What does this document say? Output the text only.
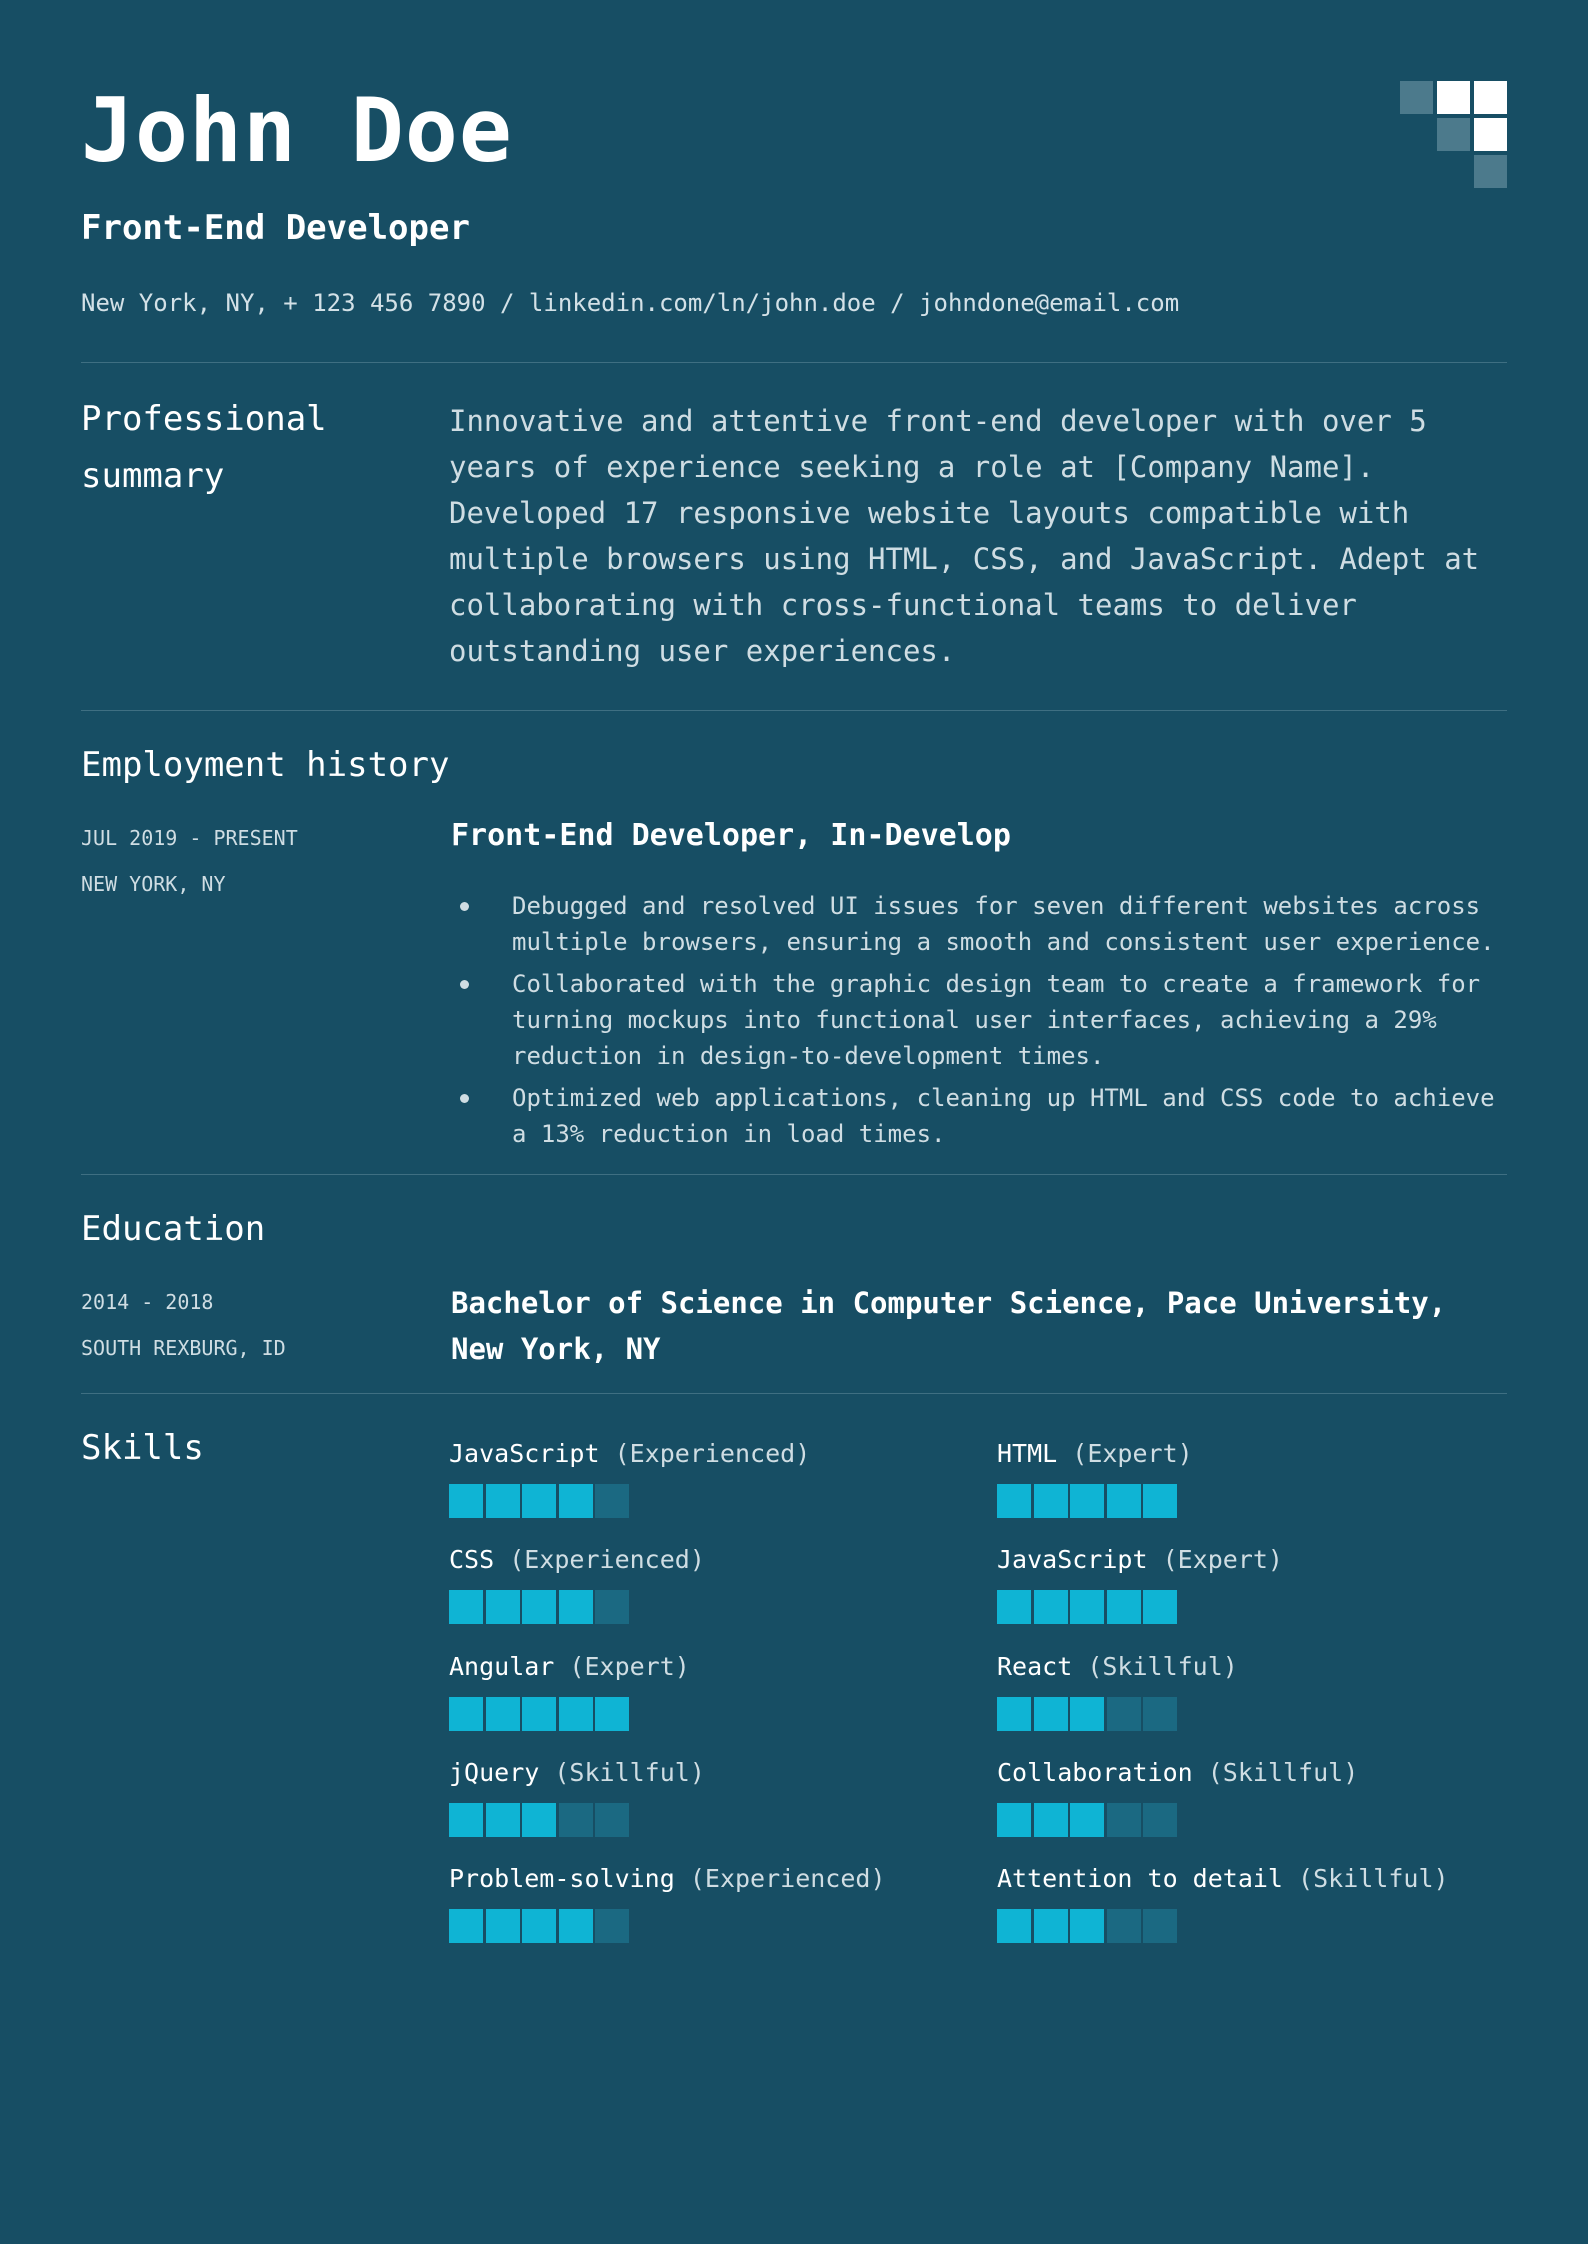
John Doe
Front-End Developer

New York, NY, + 123 456 7890 / linkedin.com/ln/john.doe / johndone@email.com

Professional summary

Innovative and attentive front-end developer with over 5 years of experience seeking a role at [Company Name]. Developed 17 responsive website layouts compatible with multiple browsers using HTML, CSS, and JavaScript. Adept at collaborating with cross-functional teams to deliver outstanding user experiences.

Employment history
JUL 2019 - PRESENT
NEW YORK, NY
Front-End Developer, In-Develop
Debugged and resolved UI issues for seven different websites across multiple browsers, ensuring a smooth and consistent user experience.
Collaborated with the graphic design team to create a framework for turning mockups into functional user interfaces, achieving a 29% reduction in design-to-development times.
Optimized web applications, cleaning up HTML and CSS code to achieve a 13% reduction in load times.
Education
2014 - 2018
SOUTH REXBURG, ID
Bachelor of Science in Computer Science, Pace University, New York, NY
Skills	JavaScript (Experienced)	HTML (Expert)
CSS (Experienced)	JavaScript (Expert)
Angular (Expert)	React (Skillful)
jQuery (Skillful)	Collaboration (Skillful)
Problem-solving (Experienced)	Attention to detail (Skillful)
